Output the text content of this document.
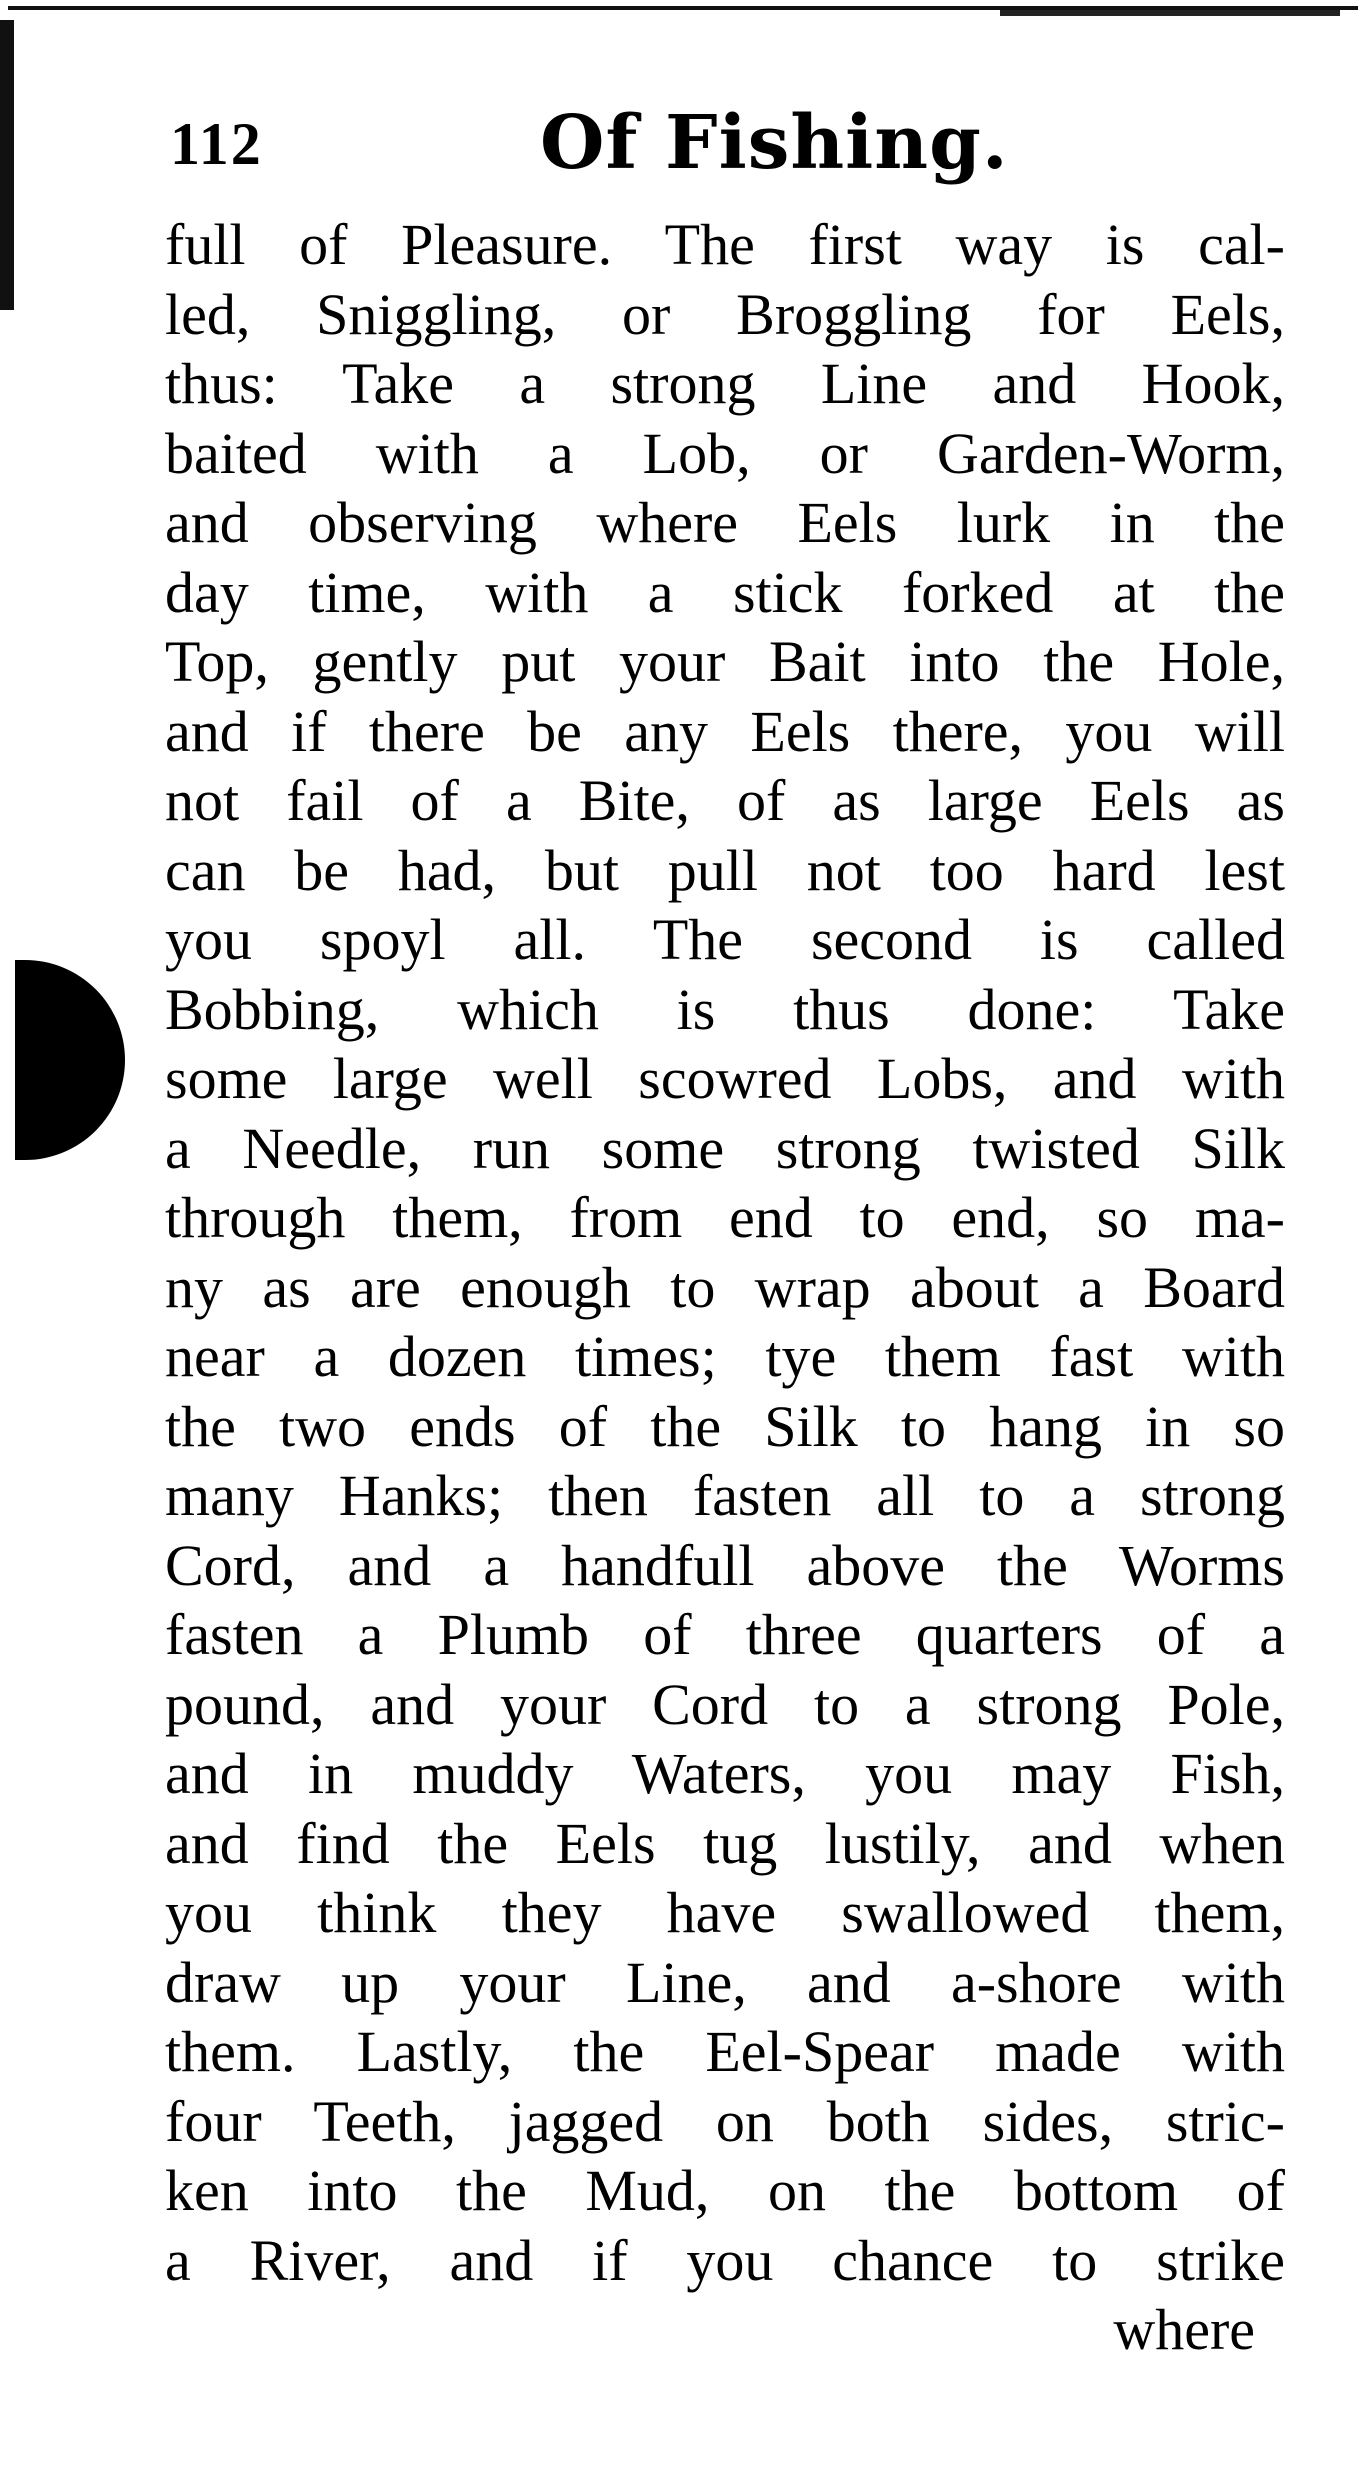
112	Of Fishing.
full of Pleasure. The first way is cal-
led, Sniggling, or Broggling for Eels,
thus: Take a strong Line and Hook,
baited with a Lob, or Garden-Worm,
and observing where Eels lurk in the
day time, with a stick forked at the
Top, gently put your Bait into the Hole,
and if there be any Eels there, you will
not fail of a Bite, of as large Eels as
can be had, but pull not too hard lest
you spoyl all. The second is called
Bobbing, which is thus done: Take
some large well scowred Lobs, and with
a Needle, run some strong twisted Silk
through them, from end to end, so ma-
ny as are enough to wrap about a Board
near a dozen times; tye them fast with
the two ends of the Silk to hang in so
many Hanks; then fasten all to a strong
Cord, and a handfull above the Worms
fasten a Plumb of three quarters of a
pound, and your Cord to a strong Pole,
and in muddy Waters, you may Fish,
and find the Eels tug lustily, and when
you think they have swallowed them,
draw up your Line, and a-shore with
them. Lastly, the Eel-Spear made with
four Teeth, jagged on both sides, stric-
ken into the Mud, on the bottom of
a River, and if you chance to strike
where
